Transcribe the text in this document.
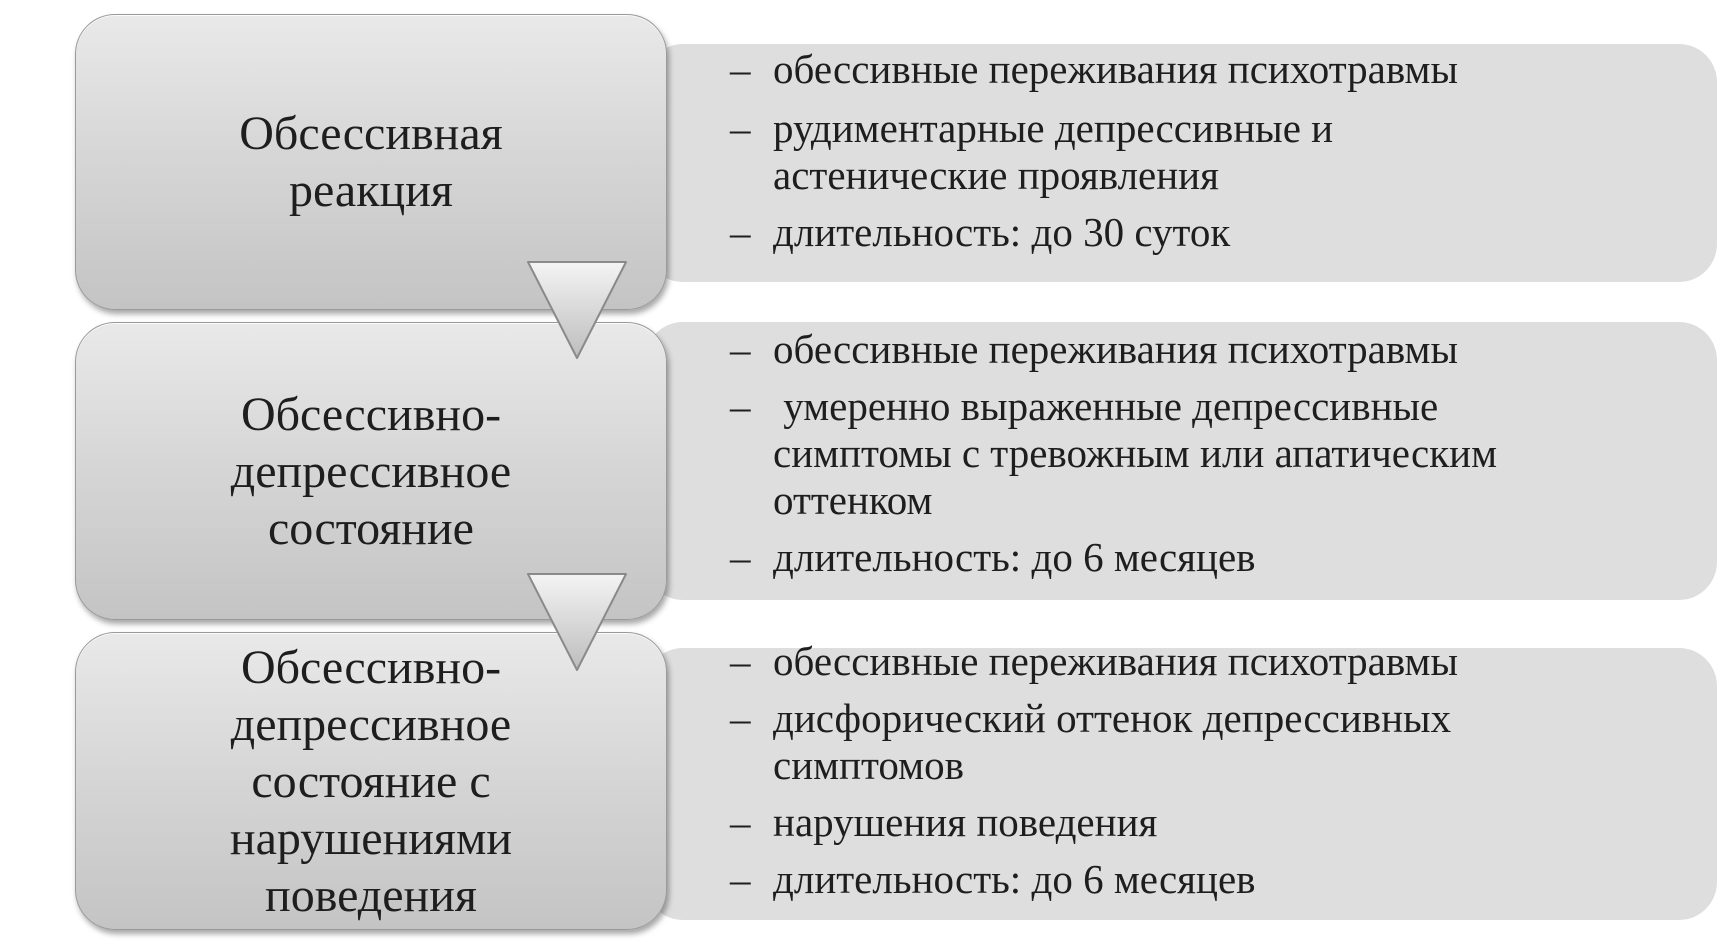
Обсессивная
реакция
– обессивные переживания психотравмы
– рудиментарные депрессивные и
астенические проявления
– длительность: до 30 суток
Обсессивно-
депрессивное
состояние
– обессивные переживания психотравмы
– умеренно выраженные депрессивные
симптомы с тревожным или апатическим
оттенком
– длительность: до 6 месяцев
Обсессивно-
депрессивное
состояние с
нарушениями
поведения
– обессивные переживания психотравмы
– дисфорический оттенок депрессивных
симптомов
– нарушения поведения
– длительность: до 6 месяцев
